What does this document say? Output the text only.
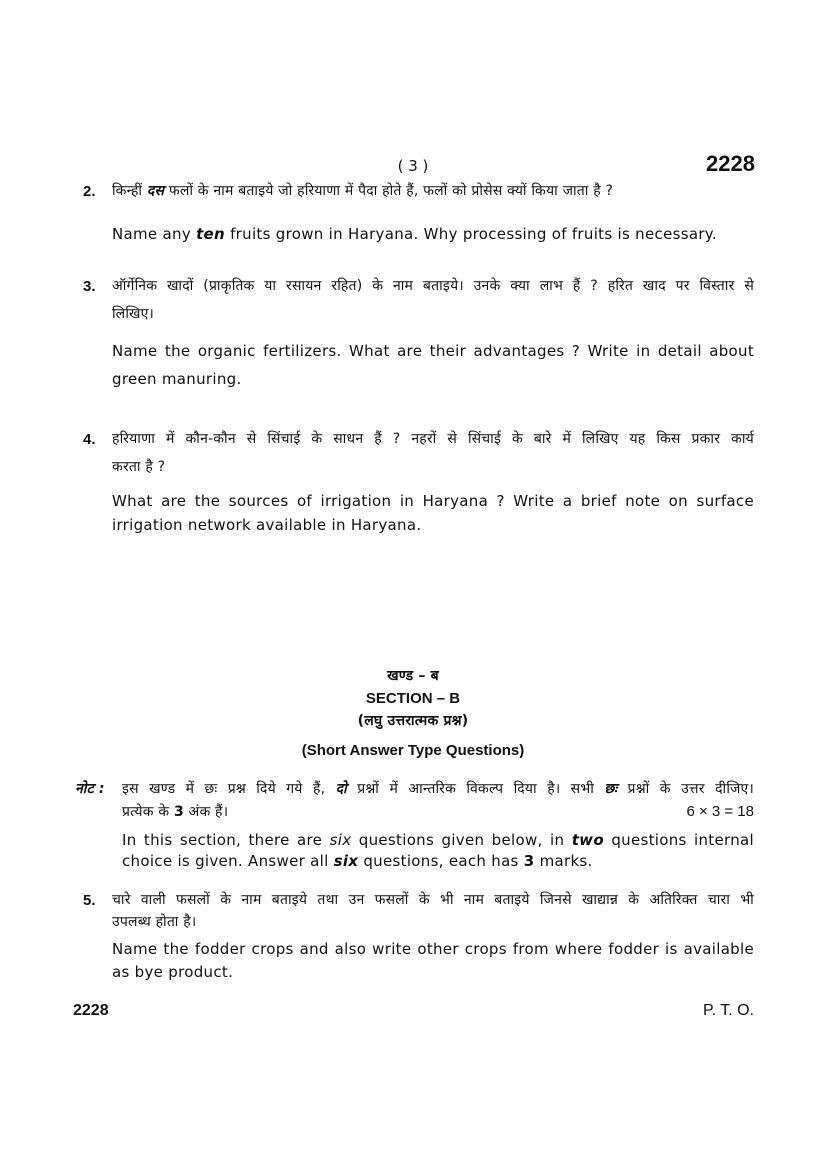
( 3 )	2228
2. किन्हीं दस फलों के नाम बताइये जो हरियाणा में पैदा होते हैं, फलों को प्रोसेस क्यों किया जाता है ?
Name any ten fruits grown in Haryana. Why processing of fruits is necessary.
3. ऑर्गेनिक खादों (प्राकृतिक या रसायन रहित) के नाम बताइये। उनके क्या लाभ हैं ? हरित खाद पर विस्तार से
लिखिए।
Name the organic fertilizers. What are their advantages ? Write in detail about
green manuring.
4. हरियाणा में कौन-कौन से सिंचाई के साधन हैं ? नहरों से सिंचाई के बारे में लिखिए यह किस प्रकार कार्य
करता है ?
What are the sources of irrigation in Haryana ? Write a brief note on surface
irrigation network available in Haryana.
खण्ड – ब
SECTION – B
(लघु उत्तरात्मक प्रश्न)
(Short Answer Type Questions)
नोट : इस खण्ड में छः प्रश्न दिये गये हैं, दो प्रश्नों में आन्तरिक विकल्प दिया है। सभी छः प्रश्नों के उत्तर दीजिए।
प्रत्येक के 3 अंक हैं।	6 × 3 = 18
In this section, there are six questions given below, in two questions internal
choice is given. Answer all six questions, each has 3 marks.
5. चारे वाली फसलों के नाम बताइये तथा उन फसलों के भी नाम बताइये जिनसे खाद्यान्न के अतिरिक्त चारा भी
उपलब्ध होता है।
Name the fodder crops and also write other crops from where fodder is available
as bye product.
2228	P. T. O.
